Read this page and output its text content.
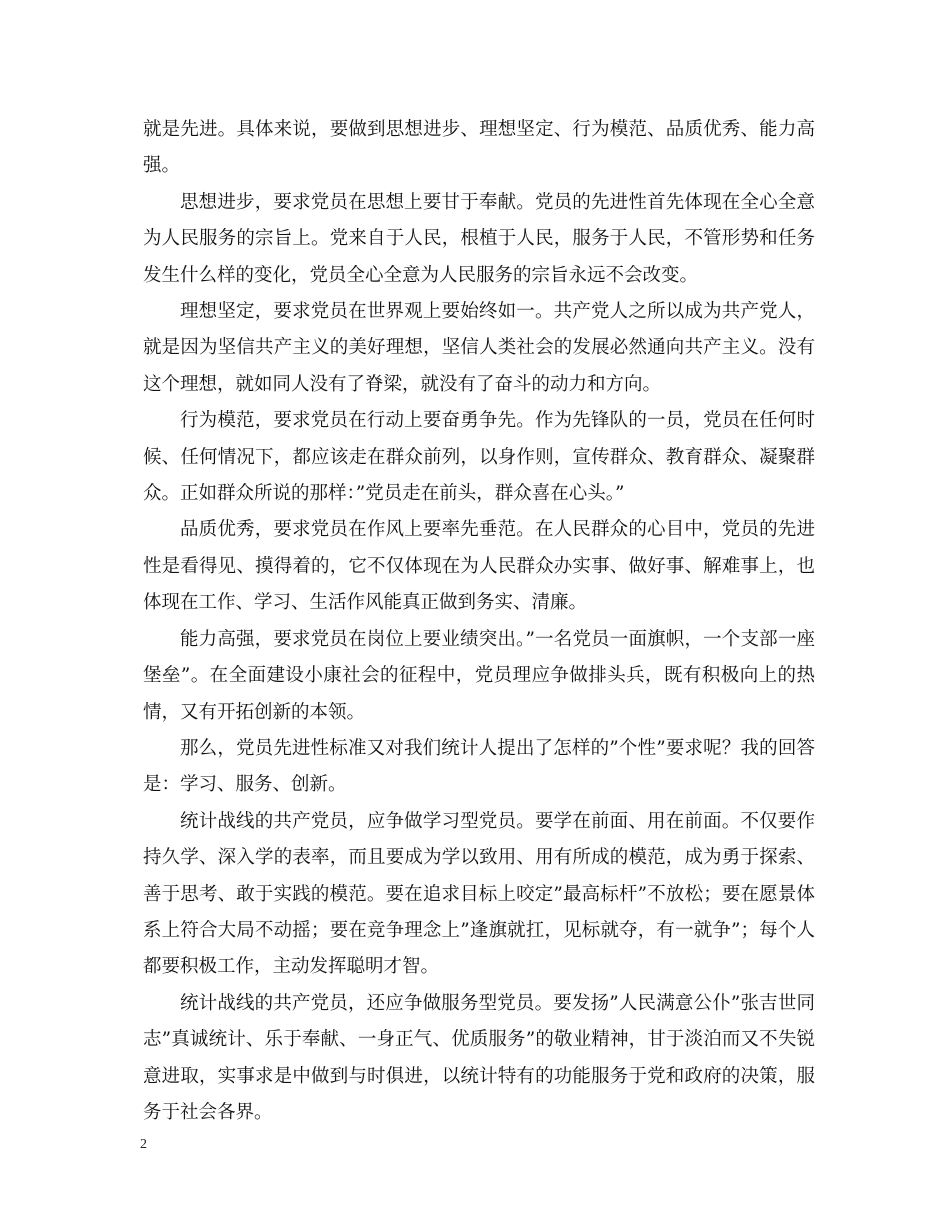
就是先进。具体来说，要做到思想进步、理想坚定、行为模范、品质优秀、能力高强。

思想进步，要求党员在思想上要甘于奉献。党员的先进性首先体现在全心全意为人民服务的宗旨上。党来自于人民，根植于人民，服务于人民，不管形势和任务发生什么样的变化，党员全心全意为人民服务的宗旨永远不会改变。

理想坚定，要求党员在世界观上要始终如一。共产党人之所以成为共产党人，就是因为坚信共产主义的美好理想，坚信人类社会的发展必然通向共产主义。没有这个理想，就如同人没有了脊梁，就没有了奋斗的动力和方向。

行为模范，要求党员在行动上要奋勇争先。作为先锋队的一员，党员在任何时候、任何情况下，都应该走在群众前列，以身作则，宣传群众、教育群众、凝聚群众。正如群众所说的那样：”党员走在前头，群众喜在心头。”

品质优秀，要求党员在作风上要率先垂范。在人民群众的心目中，党员的先进性是看得见、摸得着的，它不仅体现在为人民群众办实事、做好事、解难事上，也体现在工作、学习、生活作风能真正做到务实、清廉。

能力高强，要求党员在岗位上要业绩突出。”一名党员一面旗帜，一个支部一座堡垒”。在全面建设小康社会的征程中，党员理应争做排头兵，既有积极向上的热情，又有开拓创新的本领。

那么，党员先进性标准又对我们统计人提出了怎样的”个性”要求呢？我的回答是：学习、服务、创新。

统计战线的共产党员，应争做学习型党员。要学在前面、用在前面。不仅要作持久学、深入学的表率，而且要成为学以致用、用有所成的模范，成为勇于探索、善于思考、敢于实践的模范。要在追求目标上咬定”最高标杆”不放松；要在愿景体系上符合大局不动摇；要在竞争理念上”逢旗就扛，见标就夺，有一就争”；每个人都要积极工作，主动发挥聪明才智。

统计战线的共产党员，还应争做服务型党员。要发扬”人民满意公仆”张吉世同志”真诚统计、乐于奉献、一身正气、优质服务”的敬业精神，甘于淡泊而又不失锐意进取，实事求是中做到与时俱进，以统计特有的功能服务于党和政府的决策，服务于社会各界。

2
